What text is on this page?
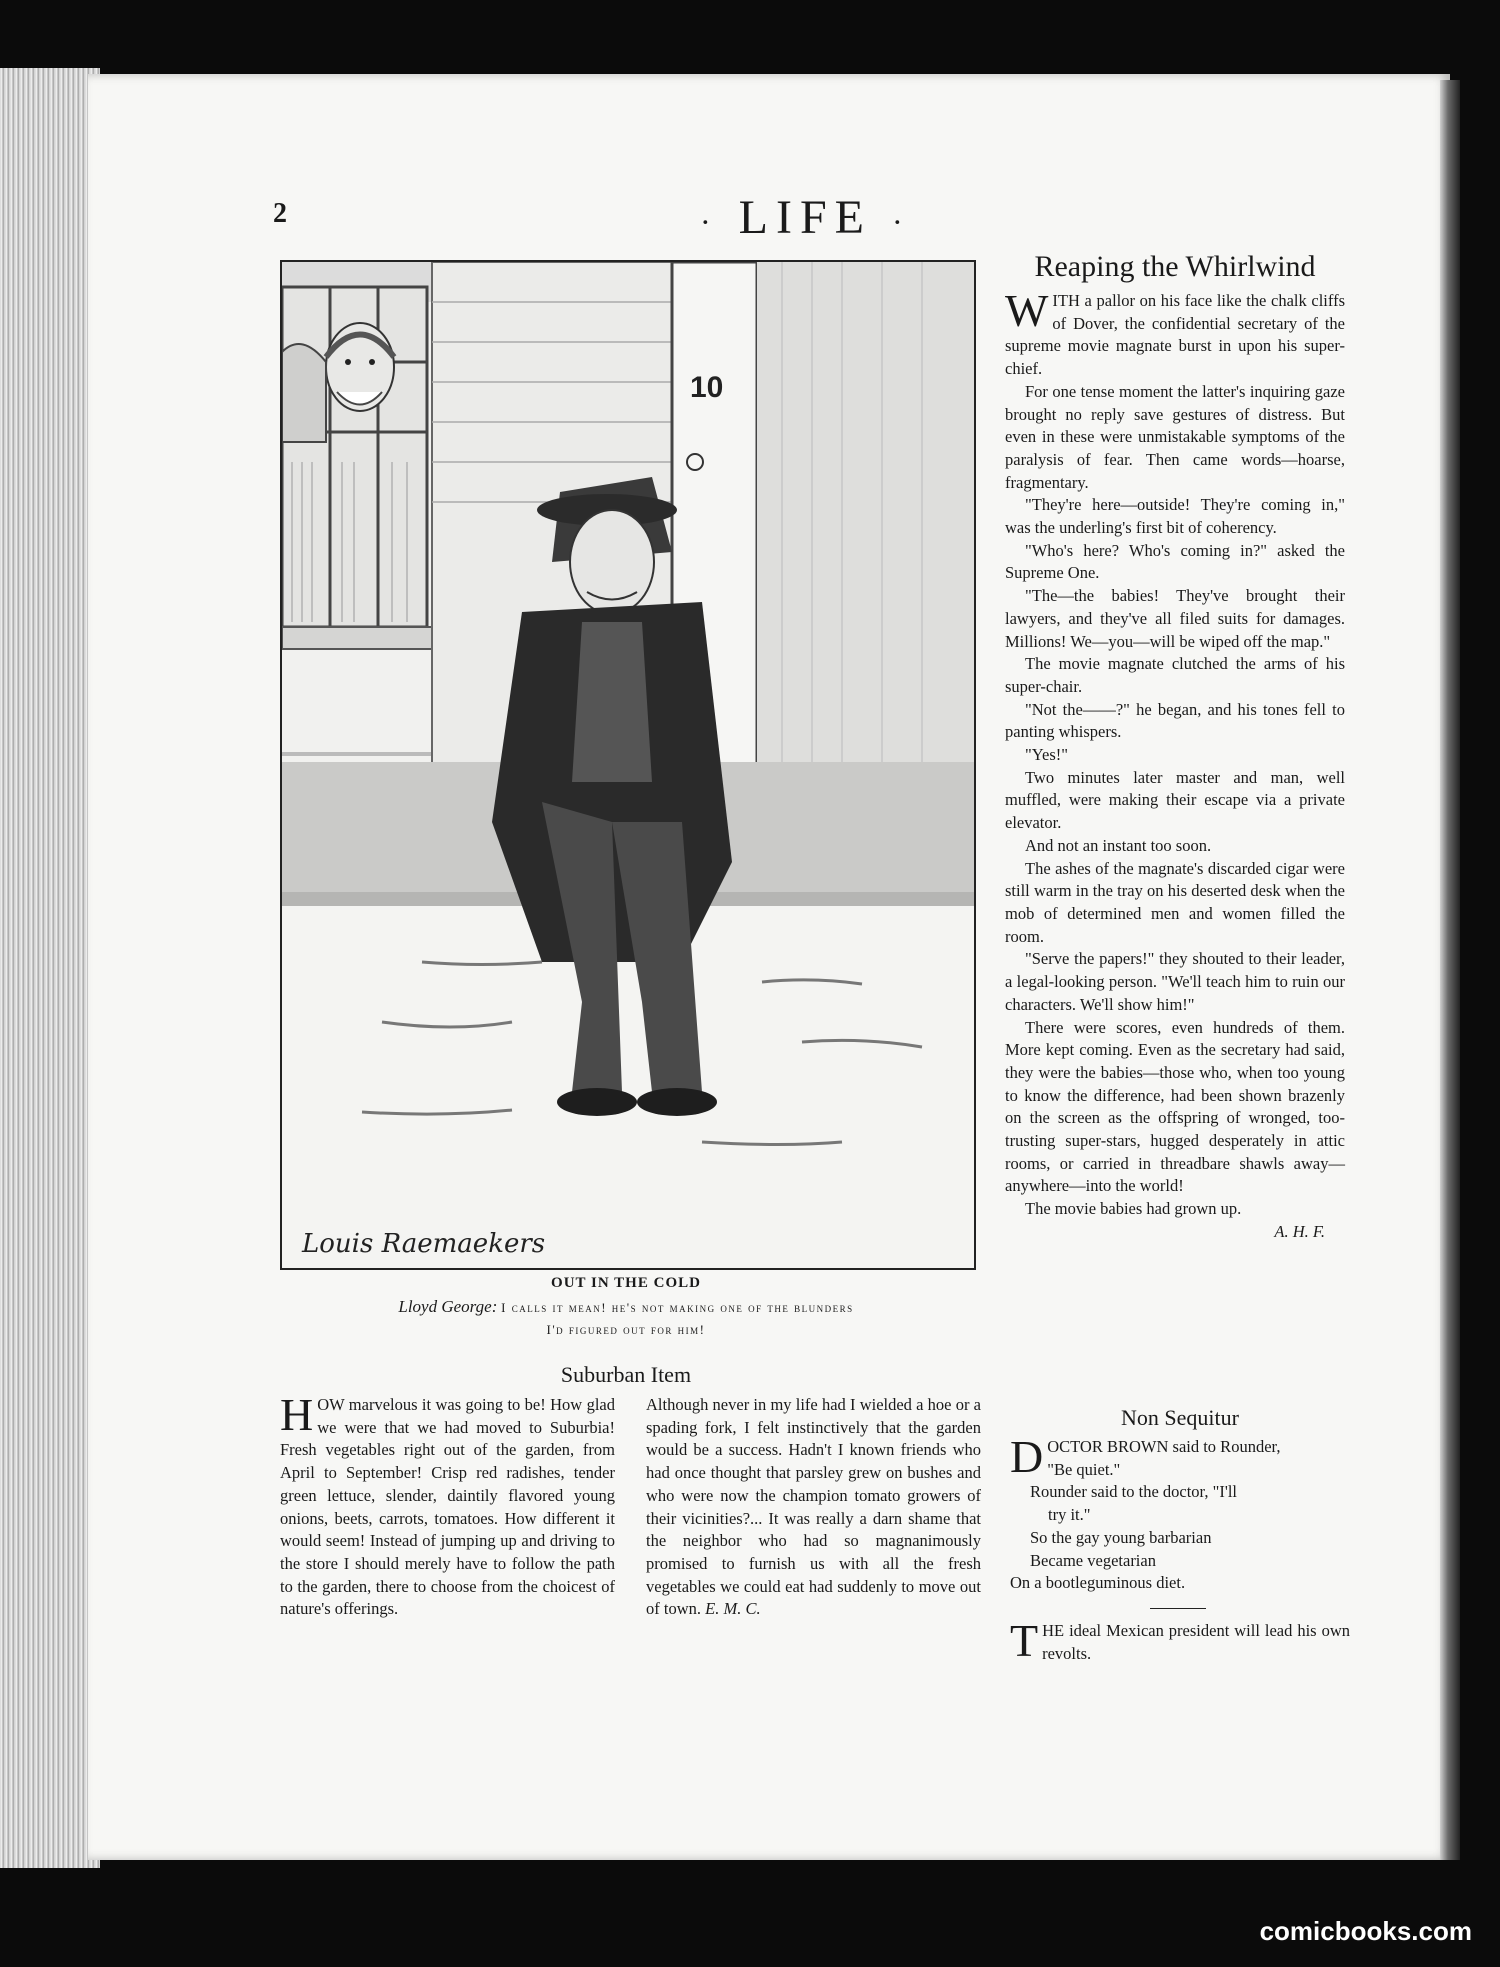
2	· LIFE ·
10
Louis Raemaekers
OUT IN THE COLD
Lloyd George: I calls it mean! he's not making one of the blunders
I'd figured out for him!
Reaping the Whirlwind

WITH a pallor on his face like the chalk cliffs of Dover, the confidential secretary of the supreme movie magnate burst in upon his super-chief.

For one tense moment the latter's inquiring gaze brought no reply save gestures of distress. But even in these were unmistakable symptoms of the paralysis of fear. Then came words—hoarse, fragmentary.

"They're here—outside! They're coming in," was the underling's first bit of coherency.

"Who's here? Who's coming in?" asked the Supreme One.

"The—the babies! They've brought their lawyers, and they've all filed suits for damages. Millions! We—you—will be wiped off the map."

The movie magnate clutched the arms of his super-chair.

"Not the——?" he began, and his tones fell to panting whispers.

"Yes!"

Two minutes later master and man, well muffled, were making their escape via a private elevator.

And not an instant too soon.

The ashes of the magnate's discarded cigar were still warm in the tray on his deserted desk when the mob of determined men and women filled the room.

"Serve the papers!" they shouted to their leader, a legal-looking person. "We'll teach him to ruin our characters. We'll show him!"

There were scores, even hundreds of them. More kept coming. Even as the secretary had said, they were the babies—those who, when too young to know the difference, had been shown brazenly on the screen as the offspring of wronged, too-trusting super-stars, hugged desperately in attic rooms, or carried in threadbare shawls away—anywhere—into the world!

The movie babies had grown up.

A. H. F.
Suburban Item

HOW marvelous it was going to be! How glad we were that we had moved to Suburbia! Fresh vegetables right out of the garden, from April to September! Crisp red radishes, tender green lettuce, slender, daintily flavored young onions, beets, carrots, tomatoes. How different it would seem! Instead of jumping up and driving to the store I should merely have to follow the path to the garden, there to choose from the choicest of nature's offerings.

Although never in my life had I wielded a hoe or a spading fork, I felt instinctively that the garden would be a success. Hadn't I known friends who had once thought that parsley grew on bushes and who were now the champion tomato growers of their vicinities?... It was really a darn shame that the neighbor who had so magnanimously promised to furnish us with all the fresh vegetables we could eat had suddenly to move out of town. E. M. C.

Non Sequitur
DOCTOR BROWN said to Rounder,
"Be quiet."
Rounder said to the doctor, "I'll
try it."
So the gay young barbarian
Became vegetarian
On a bootleguminous diet.
THE ideal Mexican president will lead his own revolts.
comicbooks.com
